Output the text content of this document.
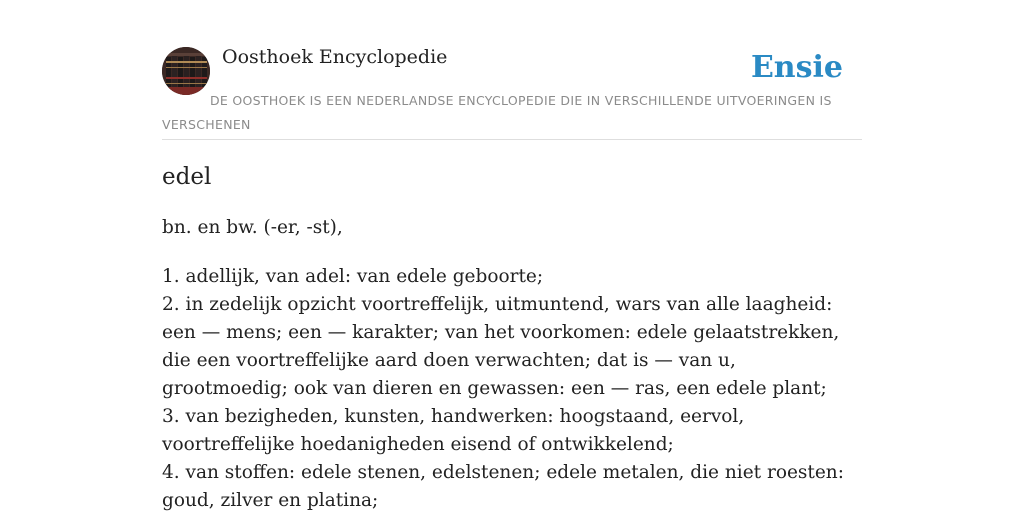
Oosthoek Encyclopedie	Ensie

DE OOSTHOEK IS EEN NEDERLANDSE ENCYCLOPEDIE DIE IN VERSCHILLENDE UITVOERINGEN IS VERSCHENEN

edel

bn. en bw. (-er, -st),

1. adellijk, van adel: van edele geboorte;
2. in zedelijk opzicht voortreffelijk, uitmuntend, wars van alle laagheid: een — mens; een — karakter; van het voorkomen: edele gelaatstrekken, die een voortreffelijke aard doen verwachten; dat is — van u, grootmoedig; ook van dieren en gewassen: een — ras, een edele plant;
3. van bezigheden, kunsten, handwerken: hoogstaand, eervol, voortreffelijke hoedanigheden eisend of ontwikkelend;
4. van stoffen: edele stenen, edelstenen; edele metalen, die niet roesten: goud, zilver en platina;
